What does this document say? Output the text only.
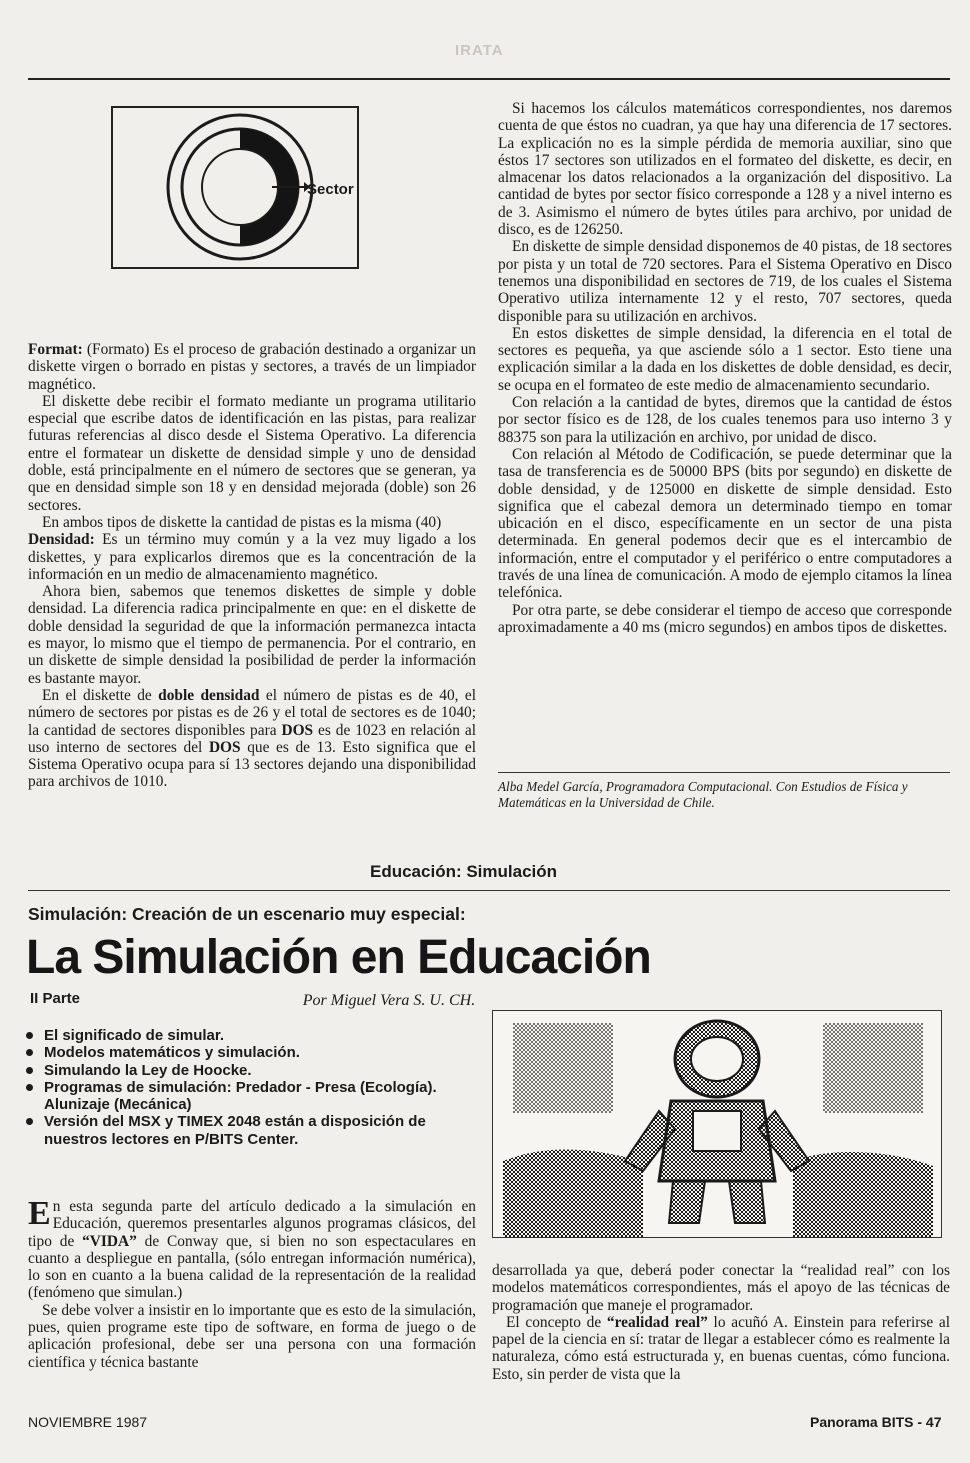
IRATA
Sector

Format: (Formato) Es el proceso de grabación destinado a organizar un diskette virgen o borrado en pistas y sectores, a través de un limpiador magnético.

El diskette debe recibir el formato mediante un programa utilitario especial que escribe datos de identificación en las pistas, para realizar futuras referencias al disco desde el Sistema Operativo. La diferencia entre el formatear un diskette de densidad simple y uno de densidad doble, está principalmente en el número de sectores que se generan, ya que en densidad simple son 18 y en densidad mejorada (doble) son 26 sectores.

En ambos tipos de diskette la cantidad de pistas es la misma (40)

Densidad: Es un término muy común y a la vez muy ligado a los diskettes, y para explicarlos diremos que es la concentración de la información en un medio de almacenamiento magnético.

Ahora bien, sabemos que tenemos diskettes de simple y doble densidad. La diferencia radica principalmente en que: en el diskette de doble densidad la seguridad de que la información permanezca intacta es mayor, lo mismo que el tiempo de permanencia. Por el contrario, en un diskette de simple densidad la posibilidad de perder la información es bastante mayor.

En el diskette de doble densidad el número de pistas es de 40, el número de sectores por pistas es de 26 y el total de sectores es de 1040; la cantidad de sectores disponibles para DOS es de 1023 en relación al uso interno de sectores del DOS que es de 13. Esto significa que el Sistema Operativo ocupa para sí 13 sectores dejando una disponibilidad para archivos de 1010.

Si hacemos los cálculos matemáticos correspondientes, nos daremos cuenta de que éstos no cuadran, ya que hay una diferencia de 17 sectores. La explicación no es la simple pérdida de memoria auxiliar, sino que éstos 17 sectores son utilizados en el formateo del diskette, es decir, en almacenar los datos relacionados a la organización del dispositivo. La cantidad de bytes por sector físico corresponde a 128 y a nivel interno es de 3. Asimismo el número de bytes útiles para archivo, por unidad de disco, es de 126250.

En diskette de simple densidad disponemos de 40 pistas, de 18 sectores por pista y un total de 720 sectores. Para el Sistema Operativo en Disco tenemos una disponibilidad en sectores de 719, de los cuales el Sistema Operativo utiliza internamente 12 y el resto, 707 sectores, queda disponible para su utilización en archivos.

En estos diskettes de simple densidad, la diferencia en el total de sectores es pequeña, ya que asciende sólo a 1 sector. Esto tiene una explicación similar a la dada en los diskettes de doble densidad, es decir, se ocupa en el formateo de este medio de almacenamiento secundario.

Con relación a la cantidad de bytes, diremos que la cantidad de éstos por sector físico es de 128, de los cuales tenemos para uso interno 3 y 88375 son para la utilización en archivo, por unidad de disco.

Con relación al Método de Codificación, se puede determinar que la tasa de transferencia es de 50000 BPS (bits por segundo) en diskette de doble densidad, y de 125000 en diskette de simple densidad. Esto significa que el cabezal demora un determinado tiempo en tomar ubicación en el disco, específicamente en un sector de una pista determinada. En general podemos decir que es el intercambio de información, entre el computador y el periférico o entre computadores a través de una línea de comunicación. A modo de ejemplo citamos la línea telefónica.

Por otra parte, se debe considerar el tiempo de acceso que corresponde aproximadamente a 40 ms (micro segundos) en ambos tipos de diskettes.

Alba Medel García, Programadora Computacional. Con Estudios de Física y Matemáticas en la Universidad de Chile.
Educación: Simulación
Simulación: Creación de un escenario muy especial:
La Simulación en Educación
II Parte	Por Miguel Vera S. U. CH.
El significado de simular.
Modelos matemáticos y simulación.
Simulando la Ley de Hoocke.
Programas de simulación: Predador - Presa (Ecología).
Alunizaje (Mecánica)
Versión del MSX y TIMEX 2048 están a disposición de nuestros lectores en P/BITS Center.

En esta segunda parte del artículo dedicado a la simulación en Educación, queremos presentarles algunos programas clásicos, del tipo de “VIDA” de Conway que, si bien no son espectaculares en cuanto a despliegue en pantalla, (sólo entregan información numérica), lo son en cuanto a la buena calidad de la representación de la realidad (fenómeno que simulan.)

Se debe volver a insistir en lo importante que es esto de la simulación, pues, quien programe este tipo de software, en forma de juego o de aplicación profesional, debe ser una persona con una formación científica y técnica bastante

desarrollada ya que, deberá poder conectar la “realidad real” con los modelos matemáticos correspondientes, más el apoyo de las técnicas de programación que maneje el programador.

El concepto de “realidad real” lo acuñó A. Einstein para referirse al papel de la ciencia en sí: tratar de llegar a establecer cómo es realmente la naturaleza, cómo está estructurada y, en buenas cuentas, cómo funciona. Esto, sin perder de vista que la

NOVIEMBRE 1987	Panorama BITS - 47
